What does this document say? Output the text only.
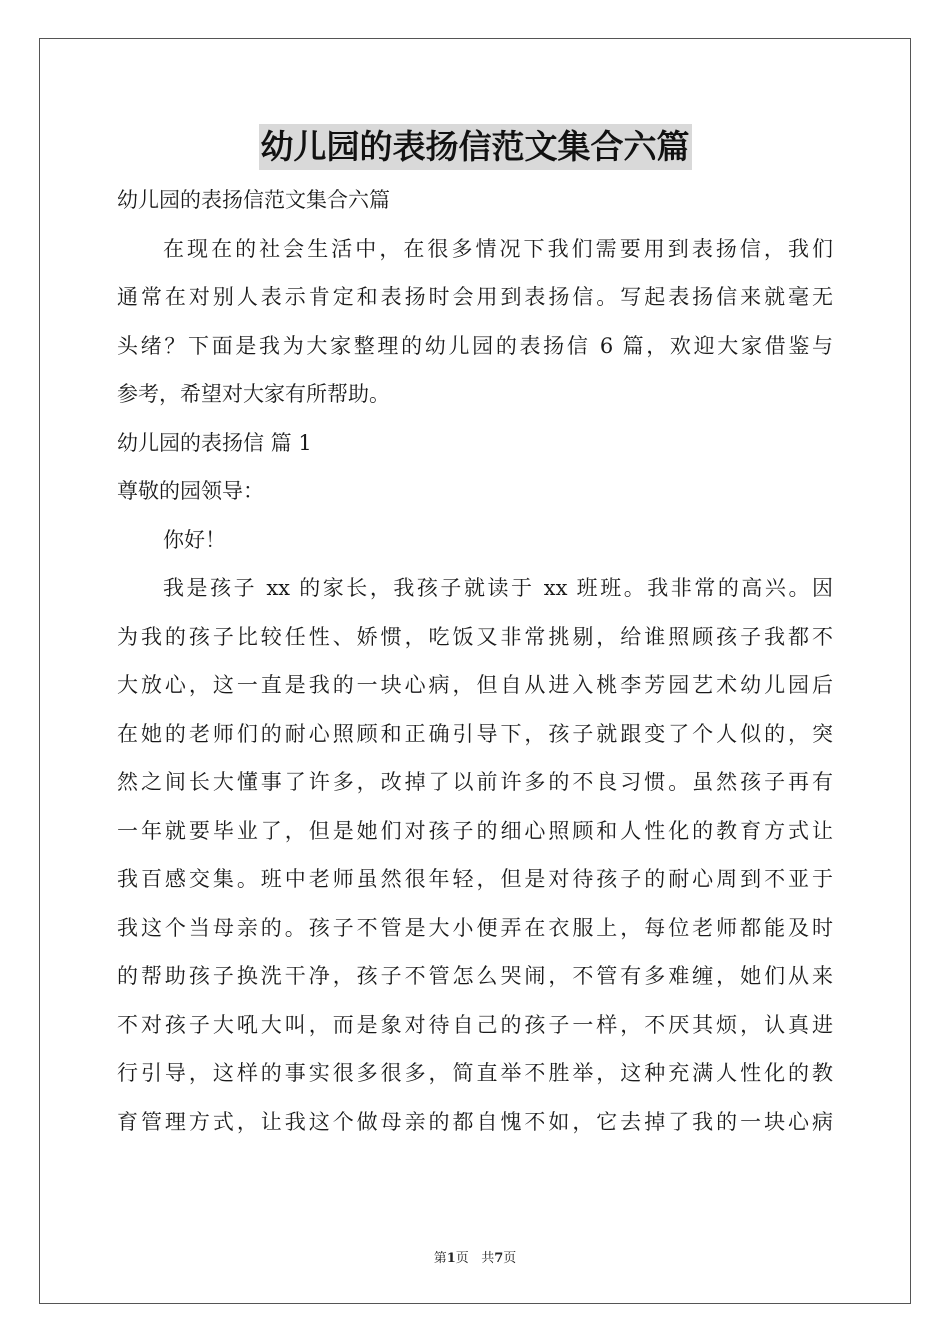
幼儿园的表扬信范文集合六篇
幼儿园的表扬信范文集合六篇
在现在的社会生活中，在很多情况下我们需要用到表扬信，我们
通常在对别人表示肯定和表扬时会用到表扬信。写起表扬信来就毫无
头绪？下面是我为大家整理的幼儿园的表扬信 6 篇，欢迎大家借鉴与
参考，希望对大家有所帮助。
幼儿园的表扬信 篇 1
尊敬的园领导：
你好！
我是孩子 xx 的家长，我孩子就读于 xx 班班。我非常的高兴。因
为我的孩子比较任性、娇惯，吃饭又非常挑剔，给谁照顾孩子我都不
大放心，这一直是我的一块心病，但自从进入桃李芳园艺术幼儿园后
在她的老师们的耐心照顾和正确引导下，孩子就跟变了个人似的，突
然之间长大懂事了许多，改掉了以前许多的不良习惯。虽然孩子再有
一年就要毕业了，但是她们对孩子的细心照顾和人性化的教育方式让
我百感交集。班中老师虽然很年轻，但是对待孩子的耐心周到不亚于
我这个当母亲的。孩子不管是大小便弄在衣服上，每位老师都能及时
的帮助孩子换洗干净，孩子不管怎么哭闹，不管有多难缠，她们从来
不对孩子大吼大叫，而是象对待自己的孩子一样，不厌其烦，认真进
行引导，这样的事实很多很多，简直举不胜举，这种充满人性化的教
育管理方式，让我这个做母亲的都自愧不如，它去掉了我的一块心病
第1页 共7页
